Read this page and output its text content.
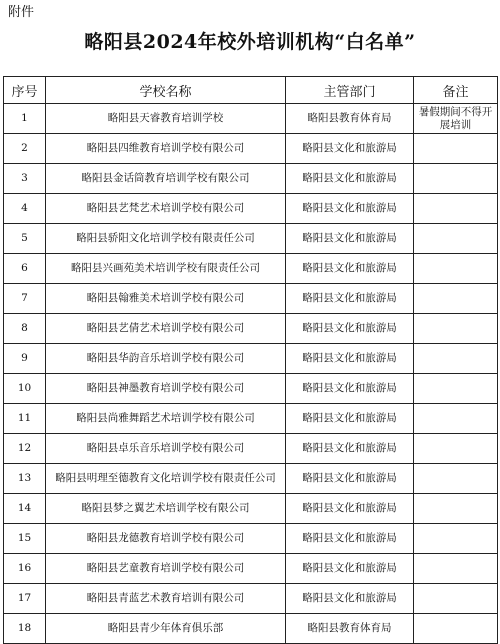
附件
略阳县2024年校外培训机构“白名单”
序号	学校名称	主管部门	备注
1	略阳县天睿教育培训学校	略阳县教育体育局	暑假期间不得开展培训
2	略阳县四维教育培训学校有限公司	略阳县文化和旅游局	
3	略阳县金话筒教育培训学校有限公司	略阳县文化和旅游局	
4	略阳县艺梵艺术培训学校有限公司	略阳县文化和旅游局	
5	略阳县骄阳文化培训学校有限责任公司	略阳县文化和旅游局	
6	略阳县兴画苑美术培训学校有限责任公司	略阳县文化和旅游局	
7	略阳县翰雅美术培训学校有限公司	略阳县文化和旅游局	
8	略阳县艺倩艺术培训学校有限公司	略阳县文化和旅游局	
9	略阳县华韵音乐培训学校有限公司	略阳县文化和旅游局	
10	略阳县神墨教育培训学校有限公司	略阳县文化和旅游局	
11	略阳县尚雅舞蹈艺术培训学校有限公司	略阳县文化和旅游局	
12	略阳县卓乐音乐培训学校有限公司	略阳县文化和旅游局	
13	略阳县明理至德教育文化培训学校有限责任公司	略阳县文化和旅游局	
14	略阳县梦之翼艺术培训学校有限公司	略阳县文化和旅游局	
15	略阳县龙德教育培训学校有限公司	略阳县文化和旅游局	
16	略阳县艺童教育培训学校有限公司	略阳县文化和旅游局	
17	略阳县青蓝艺术教育培训有限公司	略阳县文化和旅游局	
18	略阳县青少年体育俱乐部	略阳县教育体育局	
